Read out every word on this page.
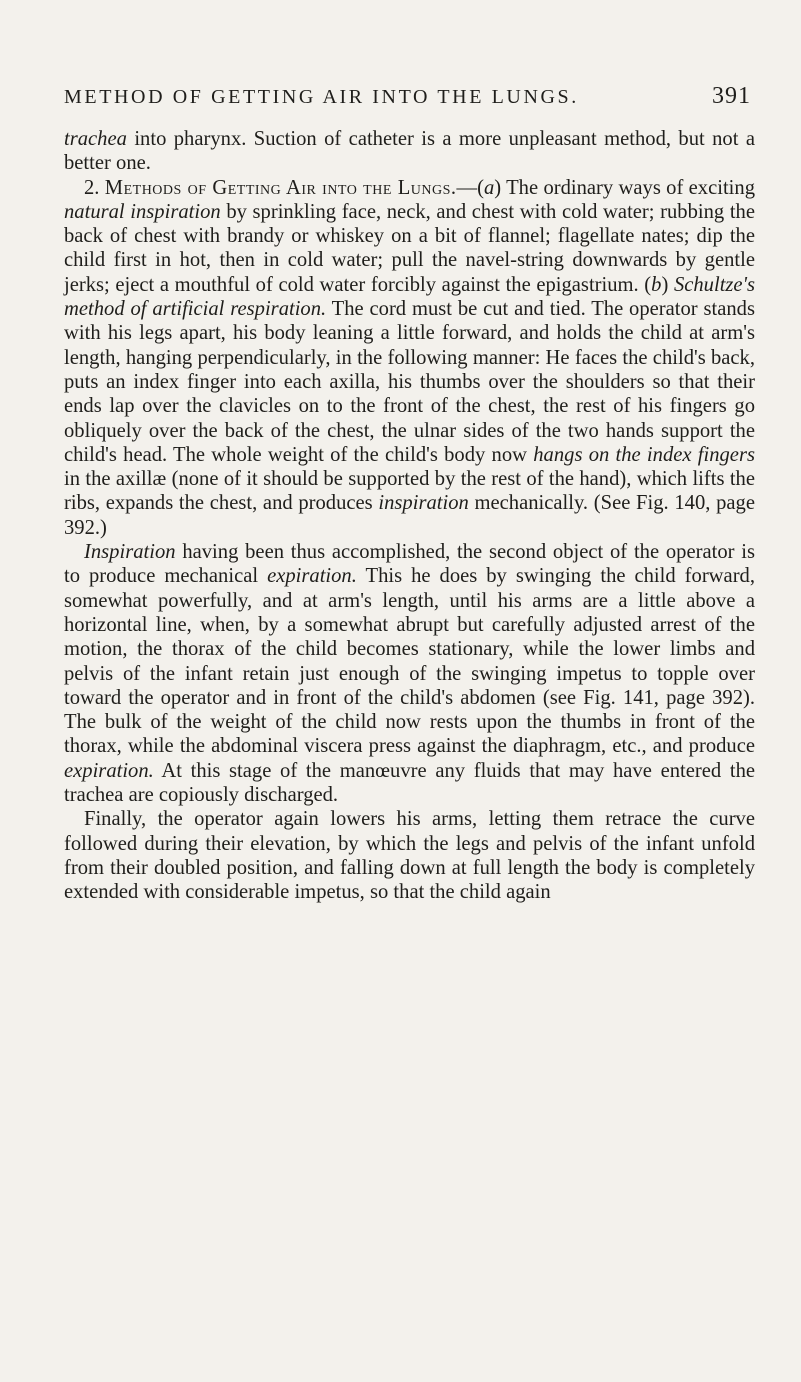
METHOD OF GETTING AIR INTO THE LUNGS.	391

trachea into pharynx. Suction of catheter is a more unpleasant method, but not a better one.

2. Methods of Getting Air into the Lungs.—(a) The ordinary ways of exciting natural inspiration by sprinkling face, neck, and chest with cold water; rubbing the back of chest with brandy or whiskey on a bit of flannel; flagellate nates; dip the child first in hot, then in cold water; pull the navel-string downwards by gentle jerks; eject a mouthful of cold water forcibly against the epigastrium. (b) Schultze's method of artificial respiration. The cord must be cut and tied. The operator stands with his legs apart, his body leaning a little forward, and holds the child at arm's length, hanging perpendicularly, in the following manner: He faces the child's back, puts an index finger into each axilla, his thumbs over the shoulders so that their ends lap over the clavicles on to the front of the chest, the rest of his fingers go obliquely over the back of the chest, the ulnar sides of the two hands support the child's head. The whole weight of the child's body now hangs on the index fingers in the axillæ (none of it should be supported by the rest of the hand), which lifts the ribs, expands the chest, and produces inspiration mechanically. (See Fig. 140, page 392.)

Inspiration having been thus accomplished, the second object of the operator is to produce mechanical expiration. This he does by swinging the child forward, somewhat powerfully, and at arm's length, until his arms are a little above a horizontal line, when, by a somewhat abrupt but carefully adjusted arrest of the motion, the thorax of the child becomes stationary, while the lower limbs and pelvis of the infant retain just enough of the swinging impetus to topple over toward the operator and in front of the child's abdomen (see Fig. 141, page 392). The bulk of the weight of the child now rests upon the thumbs in front of the thorax, while the abdominal viscera press against the diaphragm, etc., and produce expiration. At this stage of the manœuvre any fluids that may have entered the trachea are copiously discharged.

Finally, the operator again lowers his arms, letting them retrace the curve followed during their elevation, by which the legs and pelvis of the infant unfold from their doubled position, and falling down at full length the body is completely extended with considerable impetus, so that the child again
